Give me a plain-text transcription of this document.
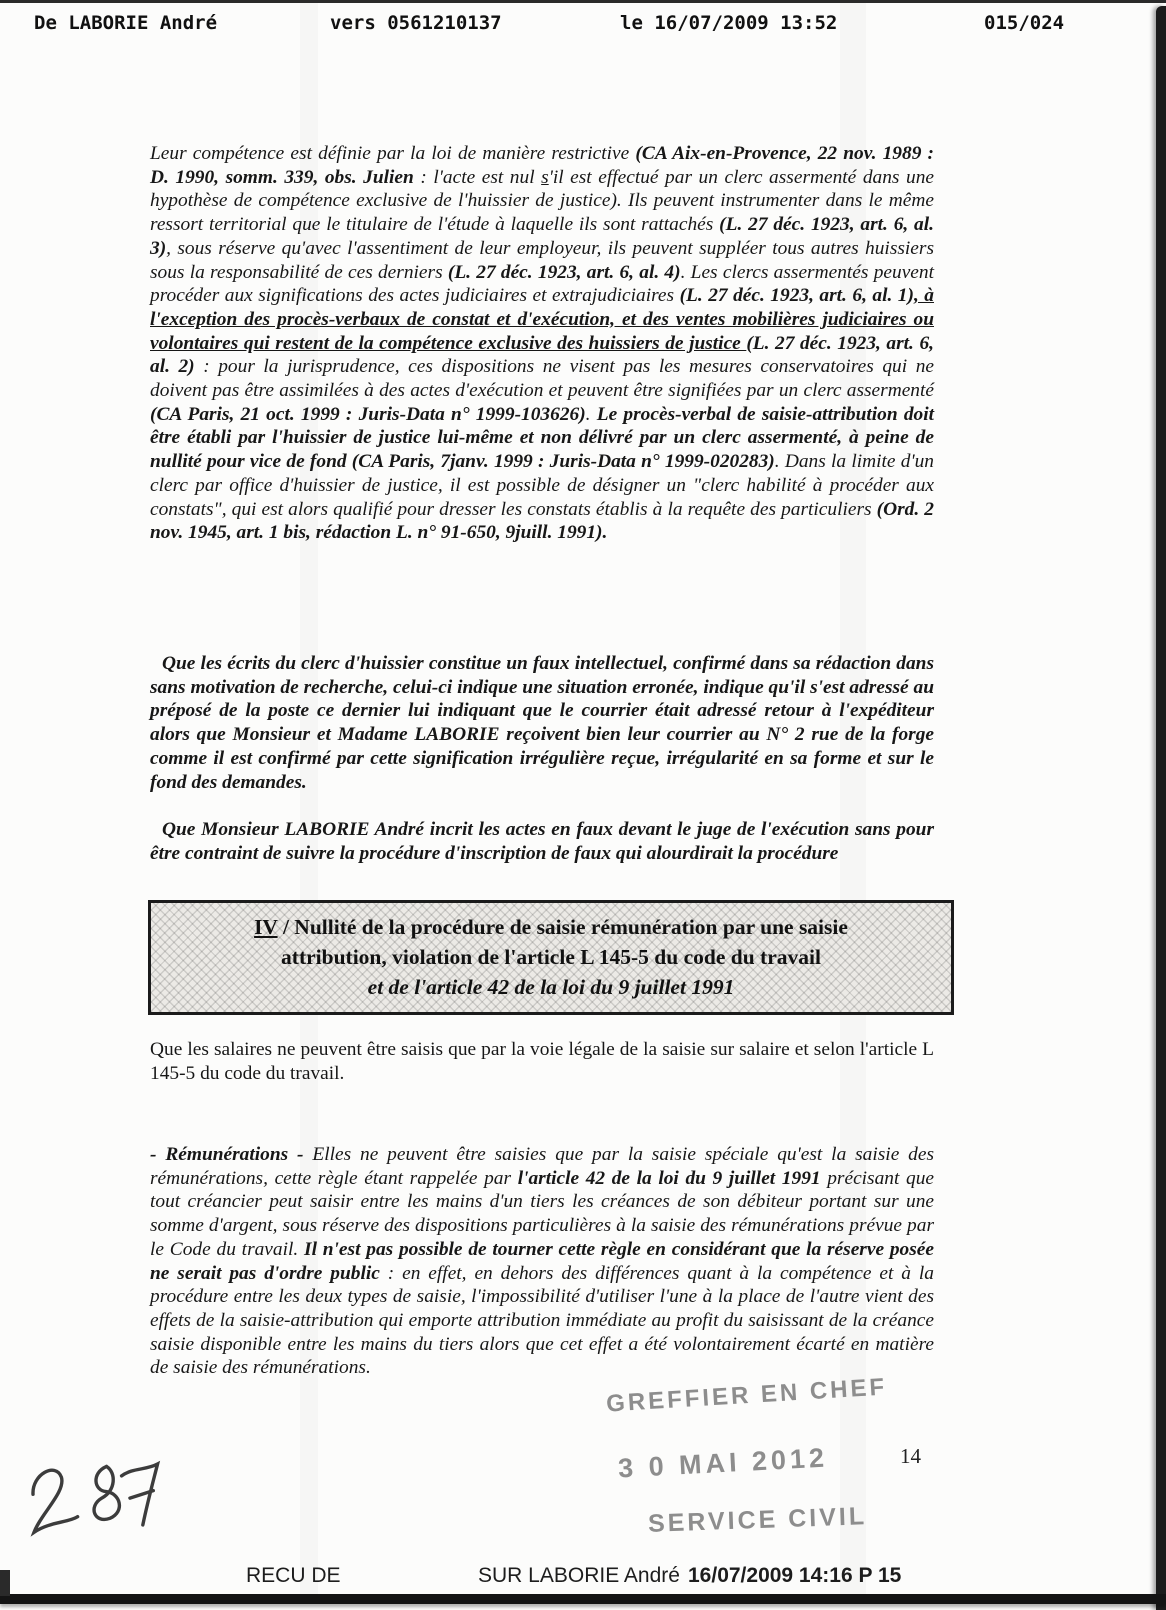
De LABORIE André	vers 0561210137	le 16/07/2009 13:52	015/024
Leur compétence est définie par la loi de manière restrictive (CA Aix-en-Provence, 22 nov. 1989 : D. 1990, somm. 339, obs. Julien : l'acte est nul s'il est effectué par un clerc assermenté dans une hypothèse de compétence exclusive de l'huissier de justice). Ils peuvent instrumenter dans le même ressort territorial que le titulaire de l'étude à laquelle ils sont rattachés (L. 27 déc. 1923, art. 6, al. 3), sous réserve qu'avec l'assentiment de leur employeur, ils peuvent suppléer tous autres huissiers sous la responsabilité de ces derniers (L. 27 déc. 1923, art. 6, al. 4). Les clercs assermentés peuvent procéder aux significations des actes judiciaires et extrajudiciaires (L. 27 déc. 1923, art. 6, al. 1), à l'exception des procès-verbaux de constat et d'exécution, et des ventes mobilières judiciaires ou volontaires qui restent de la compétence exclusive des huissiers de justice (L. 27 déc. 1923, art. 6, al. 2) : pour la jurisprudence, ces dispositions ne visent pas les mesures conservatoires qui ne doivent pas être assimilées à des actes d'exécution et peuvent être signifiées par un clerc assermenté (CA Paris, 21 oct. 1999 : Juris-Data n° 1999-103626). Le procès-verbal de saisie-attribution doit être établi par l'huissier de justice lui-même et non délivré par un clerc assermenté, à peine de nullité pour vice de fond (CA Paris, 7janv. 1999 : Juris-Data n° 1999-020283). Dans la limite d'un clerc par office d'huissier de justice, il est possible de désigner un "clerc habilité à procéder aux constats", qui est alors qualifié pour dresser les constats établis à la requête des particuliers (Ord. 2 nov. 1945, art. 1 bis, rédaction L. n° 91-650, 9juill. 1991).
Que les écrits du clerc d'huissier constitue un faux intellectuel, confirmé dans sa rédaction dans sans motivation de recherche, celui-ci indique une situation erronée, indique qu'il s'est adressé au préposé de la poste ce dernier lui indiquant que le courrier était adressé retour à l'expéditeur alors que Monsieur et Madame LABORIE reçoivent bien leur courrier au N° 2 rue de la forge comme il est confirmé par cette signification irrégulière reçue, irrégularité en sa forme et sur le fond des demandes.
Que Monsieur LABORIE André incrit les actes en faux devant le juge de l'exécution sans pour être contraint de suivre la procédure d'inscription de faux qui alourdirait la procédure
IV / Nullité de la procédure de saisie rémunération par une saisie
attribution, violation de l'article L 145-5 du code du travail
et de l'article 42 de la loi du 9 juillet 1991
Que les salaires ne peuvent être saisis que par la voie légale de la saisie sur salaire et selon l'article L 145-5 du code du travail.
- Rémunérations - Elles ne peuvent être saisies que par la saisie spéciale qu'est la saisie des rémunérations, cette règle étant rappelée par l'article 42 de la loi du 9 juillet 1991 précisant que tout créancier peut saisir entre les mains d'un tiers les créances de son débiteur portant sur une somme d'argent, sous réserve des dispositions particulières à la saisie des rémunérations prévue par le Code du travail. Il n'est pas possible de tourner cette règle en considérant que la réserve posée ne serait pas d'ordre public : en effet, en dehors des différences quant à la compétence et à la procédure entre les deux types de saisie, l'impossibilité d'utiliser l'une à la place de l'autre vient des effets de la saisie-attribution qui emporte attribution immédiate au profit du saisissant de la créance saisie disponible entre les mains du tiers alors que cet effet a été volontairement écarté en matière de saisie des rémunérations.
GREFFIER EN CHEF
3 0 MAI 2012
SERVICE CIVIL
14
RECU DE	SUR LABORIE André 16/07/2009 14:16 P 15
